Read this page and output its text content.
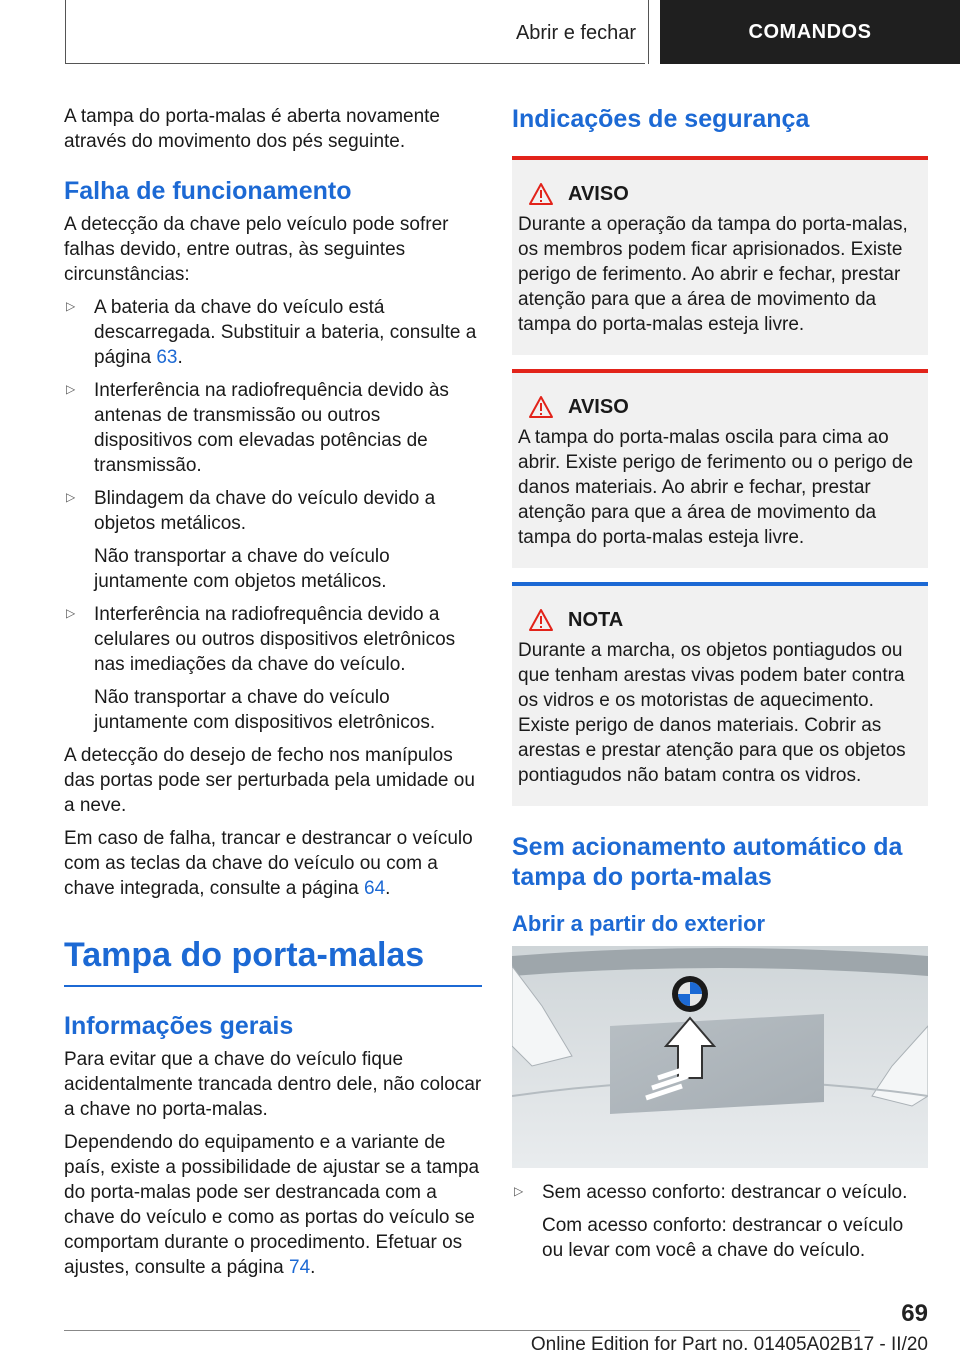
Abrir e fechar	COMANDOS

A tampa do porta-malas é aberta novamente através do movimento dos pés seguinte.

Falha de funcionamento

A detecção da chave pelo veículo pode sofrer falhas devido, entre outras, às seguintes circunstâncias:

▷ A bateria da chave do veículo está descarregada. Substituir a bateria, consulte a página 63.

▷ Interferência na radiofrequência devido às antenas de transmissão ou outros dispositivos com elevadas potências de transmissão.

▷ Blindagem da chave do veículo devido a objetos metálicos.

Não transportar a chave do veículo juntamente com objetos metálicos.

▷ Interferência na radiofrequência devido a celulares ou outros dispositivos eletrônicos nas imediações da chave do veículo.

Não transportar a chave do veículo juntamente com dispositivos eletrônicos.

A detecção do desejo de fecho nos manípulos das portas pode ser perturbada pela umidade ou a neve.

Em caso de falha, trancar e destrancar o veículo com as teclas da chave do veículo ou com a chave integrada, consulte a página 64.

Tampa do porta-malas
Informações gerais

Para evitar que a chave do veículo fique acidentalmente trancada dentro dele, não colocar a chave no porta-malas.

Dependendo do equipamento e a variante de país, existe a possibilidade de ajustar se a tampa do porta-malas pode ser destrancada com a chave do veículo e como as portas do veículo se comportam durante o procedimento. Efetuar os ajustes, consulte a página 74.

Indicações de segurança
AVISO

Durante a operação da tampa do porta-malas, os membros podem ficar aprisionados. Existe perigo de ferimento. Ao abrir e fechar, prestar atenção para que a área de movimento da tampa do porta-malas esteja livre.

AVISO

A tampa do porta-malas oscila para cima ao abrir. Existe perigo de ferimento ou o perigo de danos materiais. Ao abrir e fechar, prestar atenção para que a área de movimento da tampa do porta-malas esteja livre.

NOTA

Durante a marcha, os objetos pontiagudos ou que tenham arestas vivas podem bater contra os vidros e os motoristas de aquecimento. Existe perigo de danos materiais. Cobrir as arestas e prestar atenção para que os objetos pontiagudos não batam contra os vidros.

Sem acionamento automático da tampa do porta-malas
Abrir a partir do exterior
▷ Sem acesso conforto: destrancar o veículo.

Com acesso conforto: destrancar o veículo ou levar com você a chave do veículo.

69
Online Edition for Part no. 01405A02B17 - II/20
